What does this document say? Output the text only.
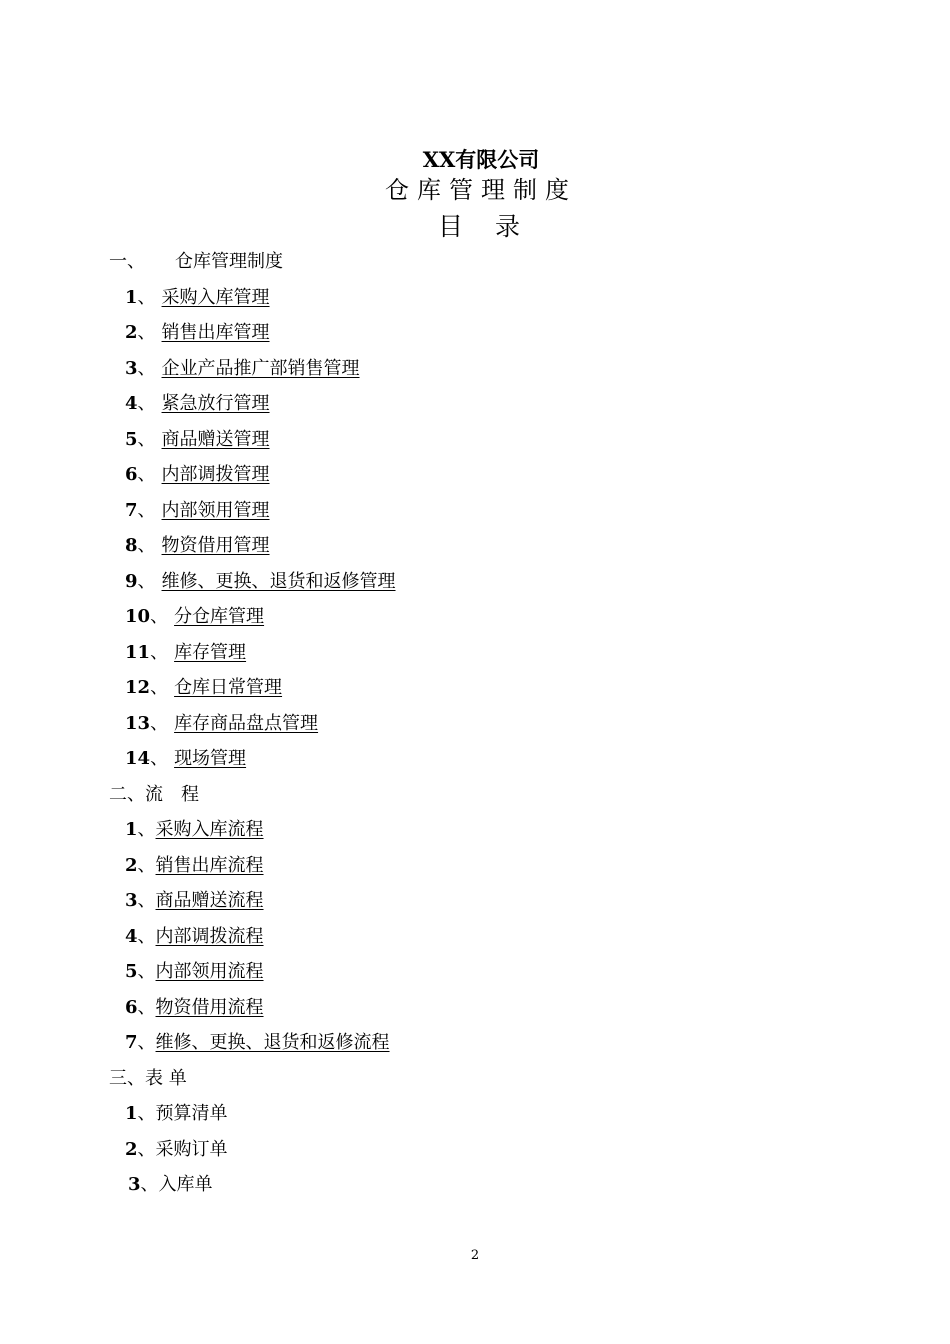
XX有限公司
仓库管理制度
目录
一、 仓库管理制度
1、 采购入库管理
2、 销售出库管理
3、 企业产品推广部销售管理
4、 紧急放行管理
5、 商品赠送管理
6、 内部调拨管理
7、 内部领用管理
8、 物资借用管理
9、 维修、更换、退货和返修管理
10、 分仓库管理
11、 库存管理
12、 仓库日常管理
13、 库存商品盘点管理
14、 现场管理
二、流　程
1、采购入库流程
2、销售出库流程
3、商品赠送流程
4、内部调拨流程
5、内部领用流程
6、物资借用流程
7、维修、更换、退货和返修流程
三、表 单
1、预算清单
2、采购订单
3、入库单
2
